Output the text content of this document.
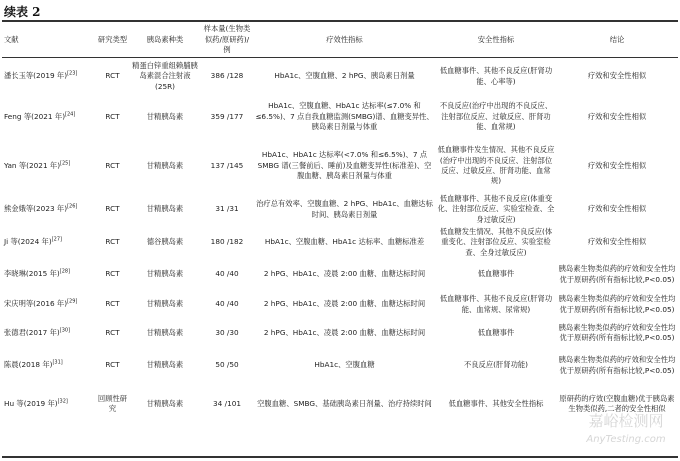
续表 2
文献	研究类型	胰岛素种类	样本量(生物类似药/原研药)/例	疗效性指标	安全性指标	结论
潘长玉等(2019 年)[23]	RCT	精蛋白锌重组赖脯胰岛素混合注射液(25R)	386 /128	HbA1c、空腹血糖、2 hPG、胰岛素日剂量	低血糖事件、其他不良反应(肝肾功能、心率等)	疗效和安全性相似
Feng 等(2021 年)[24]	RCT	甘精胰岛素	359 /177	HbA1c、空腹血糖、HbA1c 达标率(≤7.0% 和≤6.5%)、7 点自我血糖监测(SMBG)谱、血糖变异性、胰岛素日剂量与体重	不良反应(治疗中出现的不良反应、注射部位反应、过敏反应、肝肾功能、血常规)	疗效和安全性相似
Yan 等(2021 年)[25]	RCT	甘精胰岛素	137 /145	HbA1c、HbA1c 达标率(<7.0% 和≤6.5%)、7 点 SMBG 谱(三餐前后、睡前)及血糖变异性(标准差)、空腹血糖、胰岛素日剂量与体重	低血糖事件发生情况、其他不良反应(治疗中出现的不良反应、注射部位反应、过敏反应、肝肾功能、血常规)	疗效和安全性相似
熊金娥等(2023 年)[26]	RCT	甘精胰岛素	31 /31	治疗总有效率、空腹血糖、2 hPG、HbA1c、血糖达标时间、胰岛素日剂量	低血糖事件、其他不良反应(体重变化、注射部位反应、实验室检查、全身过敏反应)	疗效和安全性相似
Ji 等(2024 年)[27]	RCT	德谷胰岛素	180 /182	HbA1c、空腹血糖、HbA1c 达标率、血糖标准差	低血糖发生情况、其他不良反应(体重变化、注射部位反应、实验室检查、全身过敏反应)	疗效和安全性相似
李晓琳(2015 年)[28]	RCT	甘精胰岛素	40 /40	2 hPG、HbA1c、凌晨 2:00 血糖、血糖达标时间	低血糖事件	胰岛素生物类似药的疗效和安全性均优于原研药(所有指标比较,P<0.05)
宋庆明等(2016 年)[29]	RCT	甘精胰岛素	40 /40	2 hPG、HbA1c、凌晨 2:00 血糖、血糖达标时间	低血糖事件、其他不良反应(肝肾功能、血常规、尿常规)	胰岛素生物类似药的疗效和安全性均优于原研药(所有指标比较,P<0.05)
张德君(2017 年)[30]	RCT	甘精胰岛素	30 /30	2 hPG、HbA1c、凌晨 2:00 血糖、血糖达标时间	低血糖事件	胰岛素生物类似药的疗效和安全性均优于原研药(所有指标比较,P<0.05)
陈晨(2018 年)[31]	RCT	甘精胰岛素	50 /50	HbA1c、空腹血糖	不良反应(肝肾功能)	胰岛素生物类似药的疗效和安全性均优于原研药(所有指标比较,P<0.05)
Hu 等(2019 年)[32]	回顾性研究	甘精胰岛素	34 /101	空腹血糖、SMBG、基础胰岛素日剂量、治疗持续时间	低血糖事件、其他安全性指标	原研药的疗效(空腹血糖)优于胰岛素生物类似药,二者的安全性相似
嘉峪检测网
AnyTesting.com
